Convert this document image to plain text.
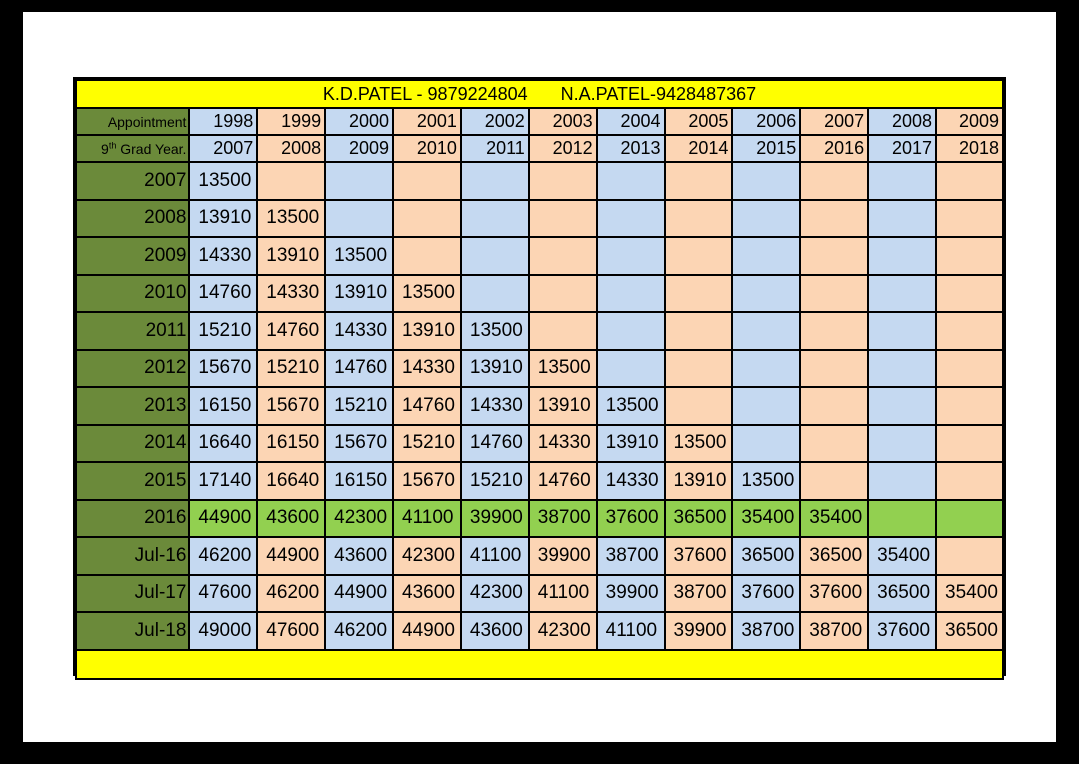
K.D.PATEL - 9879224804 N.A.PATEL-9428487367												
Appointment	1998	1999	2000	2001	2002	2003	2004	2005	2006	2007	2008	2009
9th Grad Year.	2007	2008	2009	2010	2011	2012	2013	2014	2015	2016	2017	2018
2007	13500											
2008	13910	13500										
2009	14330	13910	13500									
2010	14760	14330	13910	13500								
2011	15210	14760	14330	13910	13500							
2012	15670	15210	14760	14330	13910	13500						
2013	16150	15670	15210	14760	14330	13910	13500					
2014	16640	16150	15670	15210	14760	14330	13910	13500				
2015	17140	16640	16150	15670	15210	14760	14330	13910	13500			
2016	44900	43600	42300	41100	39900	38700	37600	36500	35400	35400		
Jul-16	46200	44900	43600	42300	41100	39900	38700	37600	36500	36500	35400	
Jul-17	47600	46200	44900	43600	42300	41100	39900	38700	37600	37600	36500	35400
Jul-18	49000	47600	46200	44900	43600	42300	41100	39900	38700	38700	37600	36500
